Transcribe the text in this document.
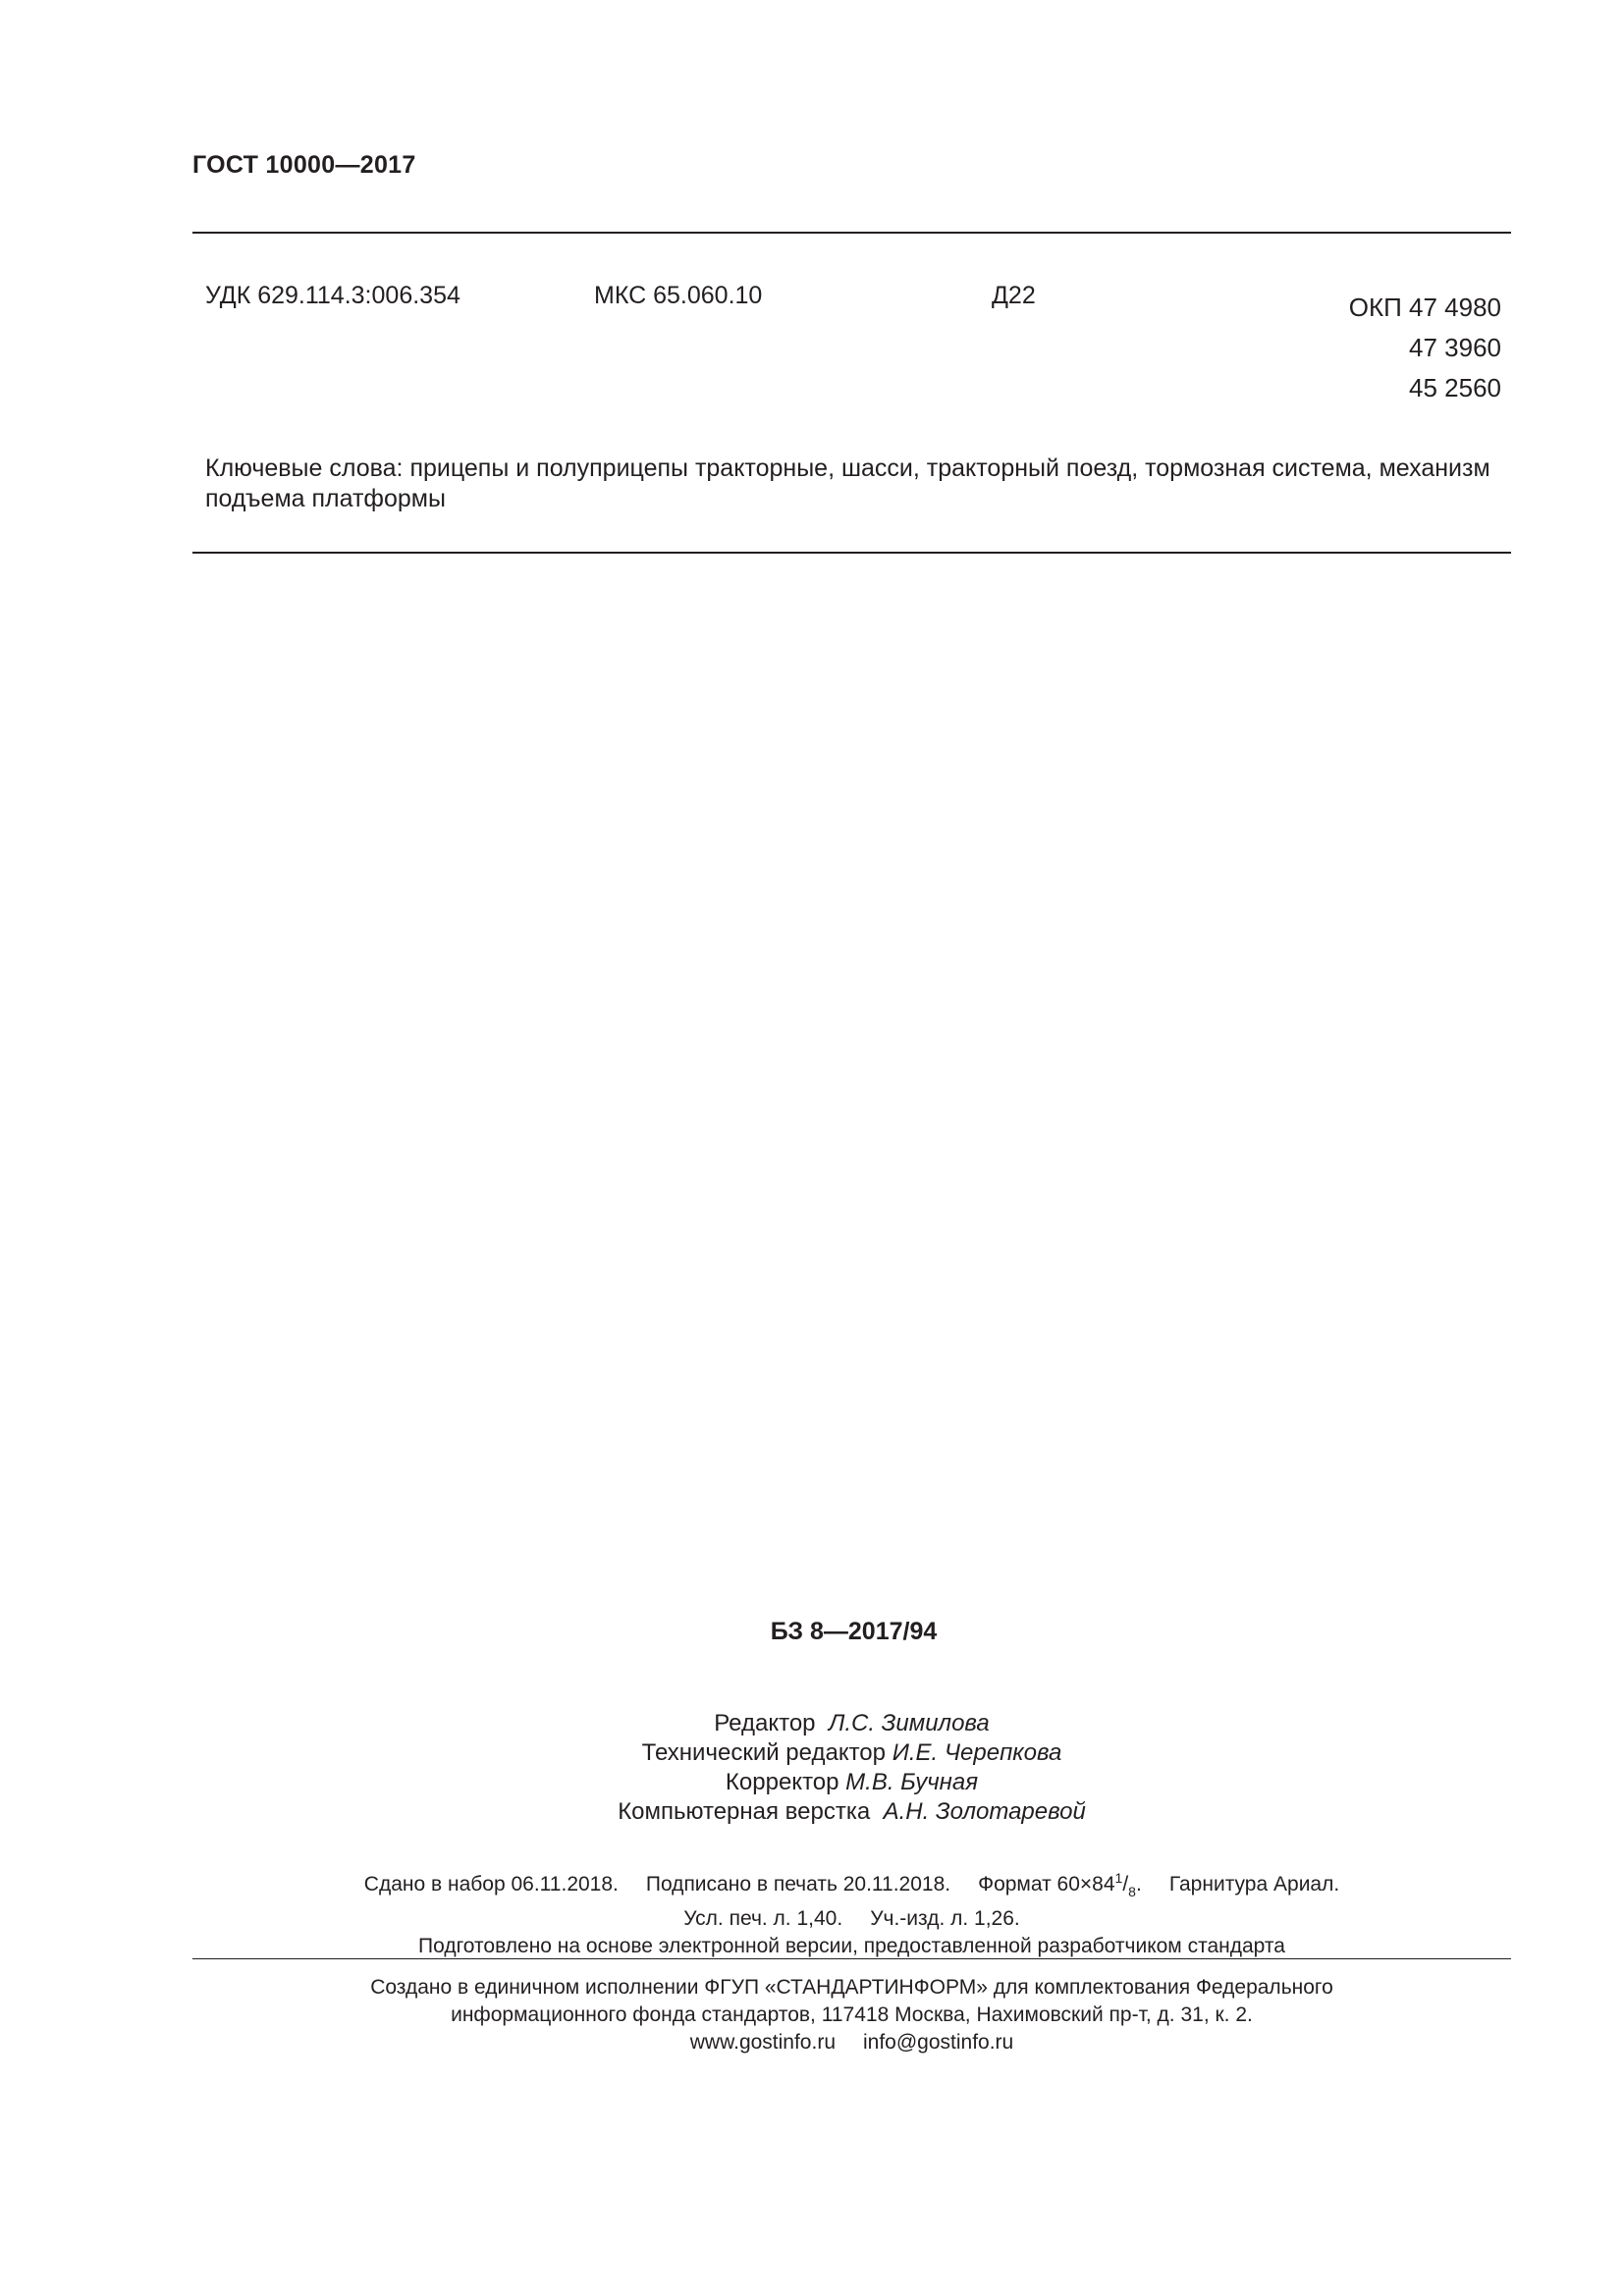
ГОСТ 10000—2017
УДК 629.114.3:006.354	МКС 65.060.10	Д22	ОКП 47 4980
47 3960
45 2560
Ключевые слова: прицепы и полуприцепы тракторные, шасси, тракторный поезд, тормозная система, механизм подъема платформы
БЗ 8—2017/94
Редактор Л.С. Зимилова
Технический редактор И.Е. Черепкова
Корректор М.В. Бучная
Компьютерная верстка А.Н. Золотаревой
Сдано в набор 06.11.2018. Подписано в печать 20.11.2018. Формат $60\times 84^1/_8$. Гарнитура Ариал.
Усл. печ. л. 1,40. Уч.-изд. л. 1,26.
Подготовлено на основе электронной версии, предоставленной разработчиком стандарта
Создано в единичном исполнении ФГУП «СТАНДАРТИНФОРМ» для комплектования Федерального
информационного фонда стандартов, 117418 Москва, Нахимовский пр-т, д. 31, к. 2.
www.gostinfo.ru info@gostinfo.ru
